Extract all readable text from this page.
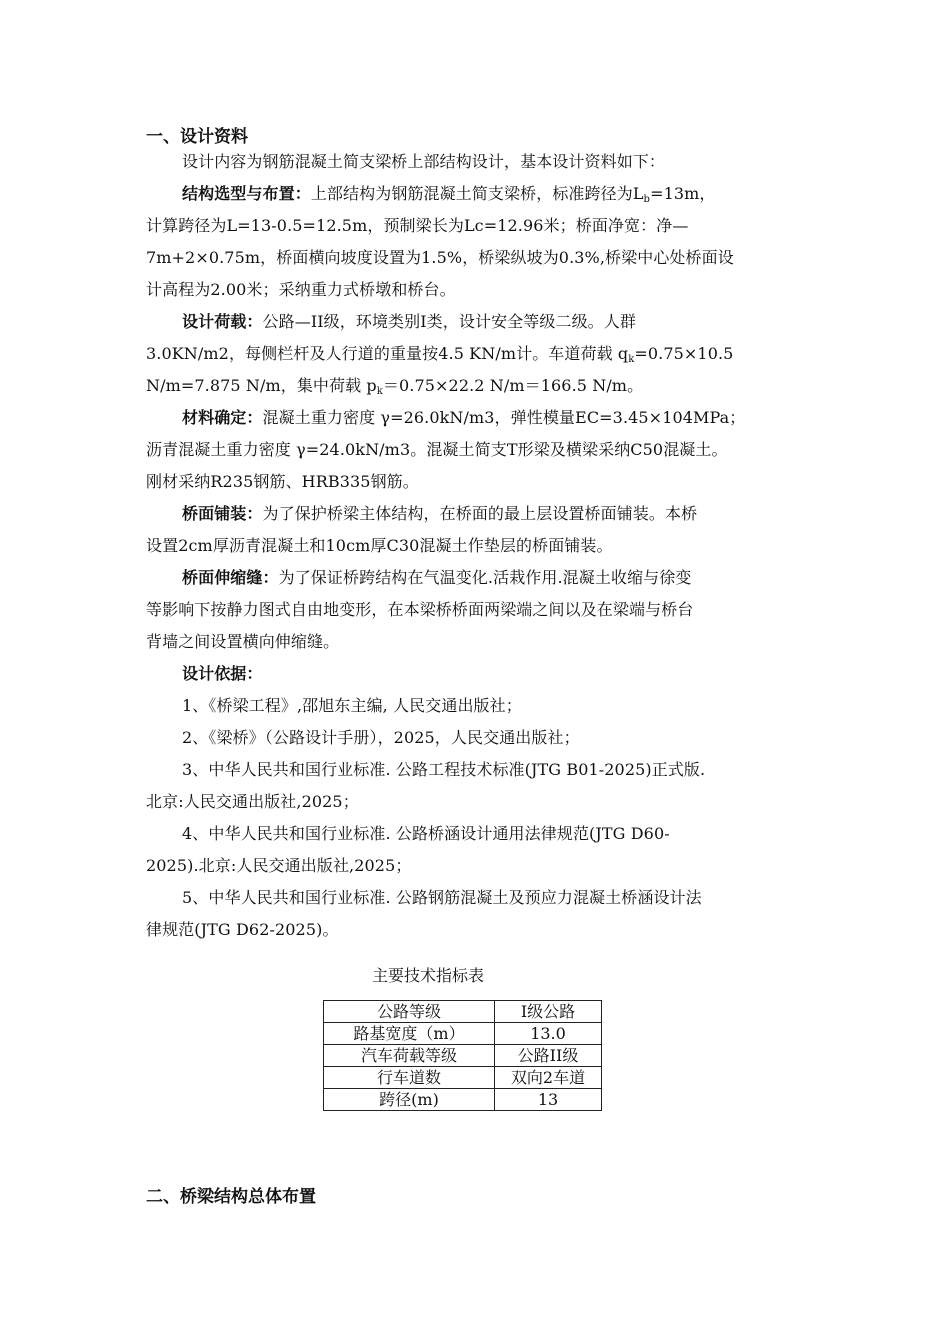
一、设计资料
设计内容为钢筋混凝土简支梁桥上部结构设计，基本设计资料如下：
结构选型与布置：上部结构为钢筋混凝土简支梁桥，标准跨径为$L_b=13m$，
计算跨径为L=13-0.5=12.5m，预制梁长为Lc=12.96米；桥面净宽：净—
7m+2×0.75m，桥面横向坡度设置为1.5%，桥梁纵坡为0.3%,桥梁中心处桥面设
计高程为2.00米；采纳重力式桥墩和桥台。
设计荷载：公路—II级，环境类别I类，设计安全等级二级。人群
3.0KN/m2，每侧栏杆及人行道的重量按4.5 KN/m计。车道荷载 $q_k=0.75\times 10.5$
N/m=7.875 N/m，集中荷载 $p_k=0.75\times 22.2$ N/m＝166.5 N/m。
材料确定：混凝土重力密度 γ=26.0kN/m3，弹性模量EC=3.45×104MPa；
沥青混凝土重力密度 γ=24.0kN/m3。混凝土简支T形梁及横梁采纳C50混凝土。
刚材采纳R235钢筋、HRB335钢筋。
桥面铺装：为了保护桥梁主体结构，在桥面的最上层设置桥面铺装。本桥
设置2cm厚沥青混凝土和10cm厚C30混凝土作垫层的桥面铺装。
桥面伸缩缝：为了保证桥跨结构在气温变化.活栽作用.混凝土收缩与徐变
等影响下按静力图式自由地变形，在本梁桥桥面两梁端之间以及在梁端与桥台
背墙之间设置横向伸缩缝。
设计依据：
1、《桥梁工程》,邵旭东主编, 人民交通出版社；
2、《梁桥》（公路设计手册），2025，人民交通出版社；
3、中华人民共和国行业标准. 公路工程技术标准(JTG B01-2025)正式版.
北京:人民交通出版社,2025；
4、中华人民共和国行业标准. 公路桥涵设计通用法律规范(JTG D60-
2025).北京:人民交通出版社,2025；
5、中华人民共和国行业标准. 公路钢筋混凝土及预应力混凝土桥涵设计法
律规范(JTG D62-2025)。
主要技术指标表
公路等级	I级公路
路基宽度（m）	13.0
汽车荷载等级	公路II级
行车道数	双向2车道
跨径(m)	13
二、桥梁结构总体布置
